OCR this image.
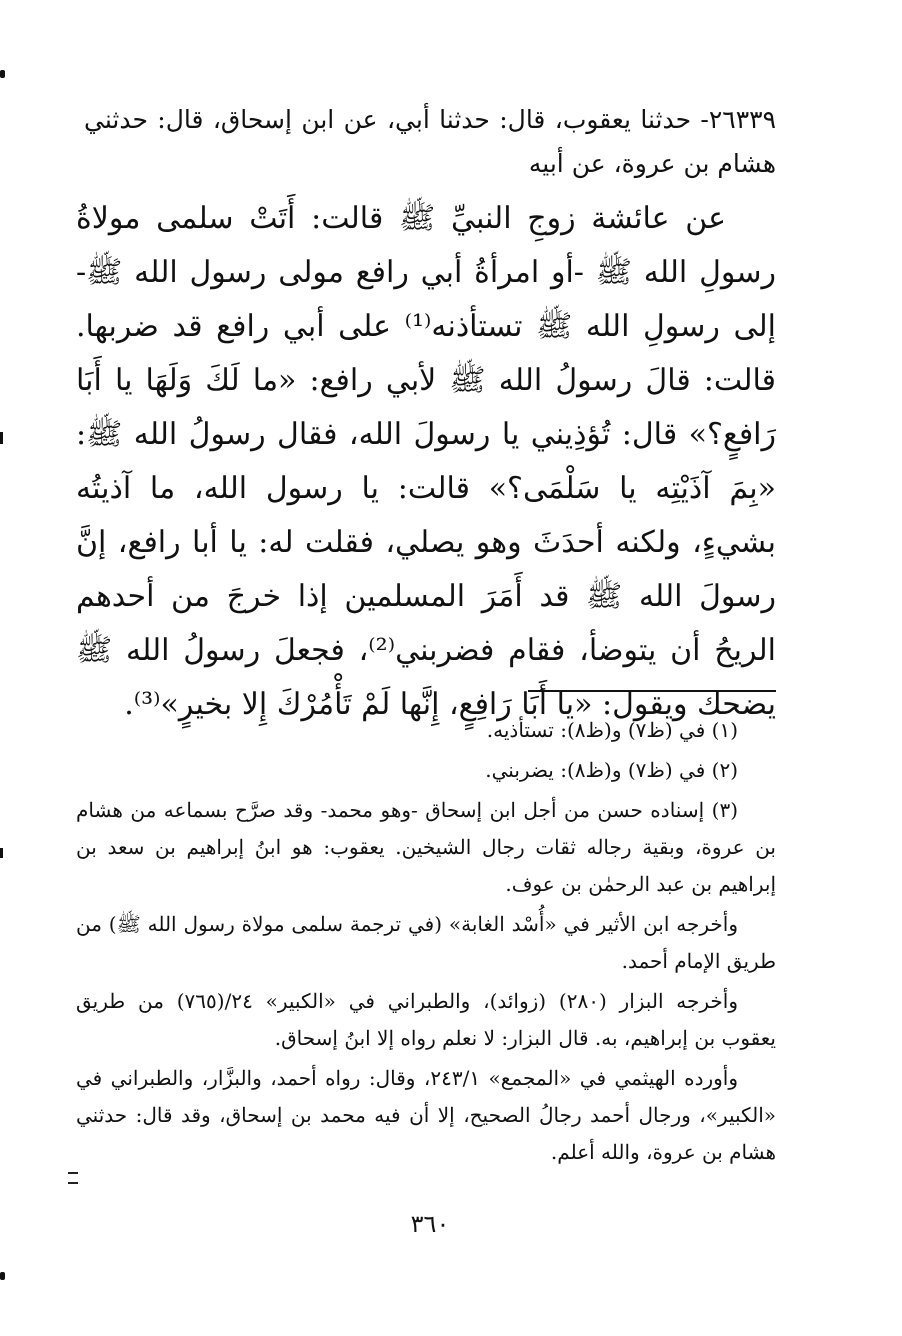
٢٦٣٣٩- حدثنا يعقوب، قال: حدثنا أبي، عن ابن إسحاق، قال: حدثني هشام بن عروة، عن أبيه
عن عائشة زوجِ النبيِّ ﷺ قالت: أَتَتْ سلمى مولاةُ رسولِ الله ﷺ -أو امرأةُ أبي رافع مولى رسول الله ﷺ- إلى رسولِ الله ﷺ تستأذنه⁽¹⁾ على أبي رافع قد ضربها. قالت: قالَ رسولُ الله ﷺ لأبي رافع: «ما لَكَ وَلَهَا يا أَبَا رَافعٍ؟» قال: تُؤذِيني يا رسولَ الله، فقال رسولُ الله ﷺ: «بِمَ آذَيْتِه يا سَلْمَى؟» قالت: يا رسول الله، ما آذيتُه بشيءٍ، ولكنه أحدَثَ وهو يصلي، فقلت له: يا أبا رافع، إنَّ رسولَ الله ﷺ قد أَمَرَ المسلمين إذا خرجَ من أحدهم الريحُ أن يتوضأ، فقام فضربني⁽²⁾، فجعلَ رسولُ الله ﷺ يضحك ويقول: «يا أَبَا رَافِعٍ، إِنَّها لَمْ تَأْمُرْكَ إِلا بخيرٍ»⁽³⁾.

(١) في (ظ٧) و(ظ٨): تستأذيه.

(٢) في (ظ٧) و(ظ٨): يضربني.

(٣) إسناده حسن من أجل ابن إسحاق -وهو محمد- وقد صرَّح بسماعه من هشام بن عروة، وبقية رجاله ثقات رجال الشيخين. يعقوب: هو ابنُ إبراهيم بن سعد بن إبراهيم بن عبد الرحمٰن بن عوف.

وأخرجه ابن الأثير في «أُسْد الغابة» (في ترجمة سلمى مولاة رسول الله ﷺ) من طريق الإمام أحمد.

وأخرجه البزار (٢٨٠) (زوائد)، والطبراني في «الكبير» ٢٤/(٧٦٥) من طريق يعقوب بن إبراهيم، به. قال البزار: لا نعلم رواه إلا ابنُ إسحاق.

وأورده الهيثمي في «المجمع» ٢٤٣/١، وقال: رواه أحمد، والبزَّار، والطبراني في «الكبير»، ورجال أحمد رجالُ الصحيح، إلا أن فيه محمد بن إسحاق، وقد قال: حدثني هشام بن عروة، والله أعلم.

٣٦٠
